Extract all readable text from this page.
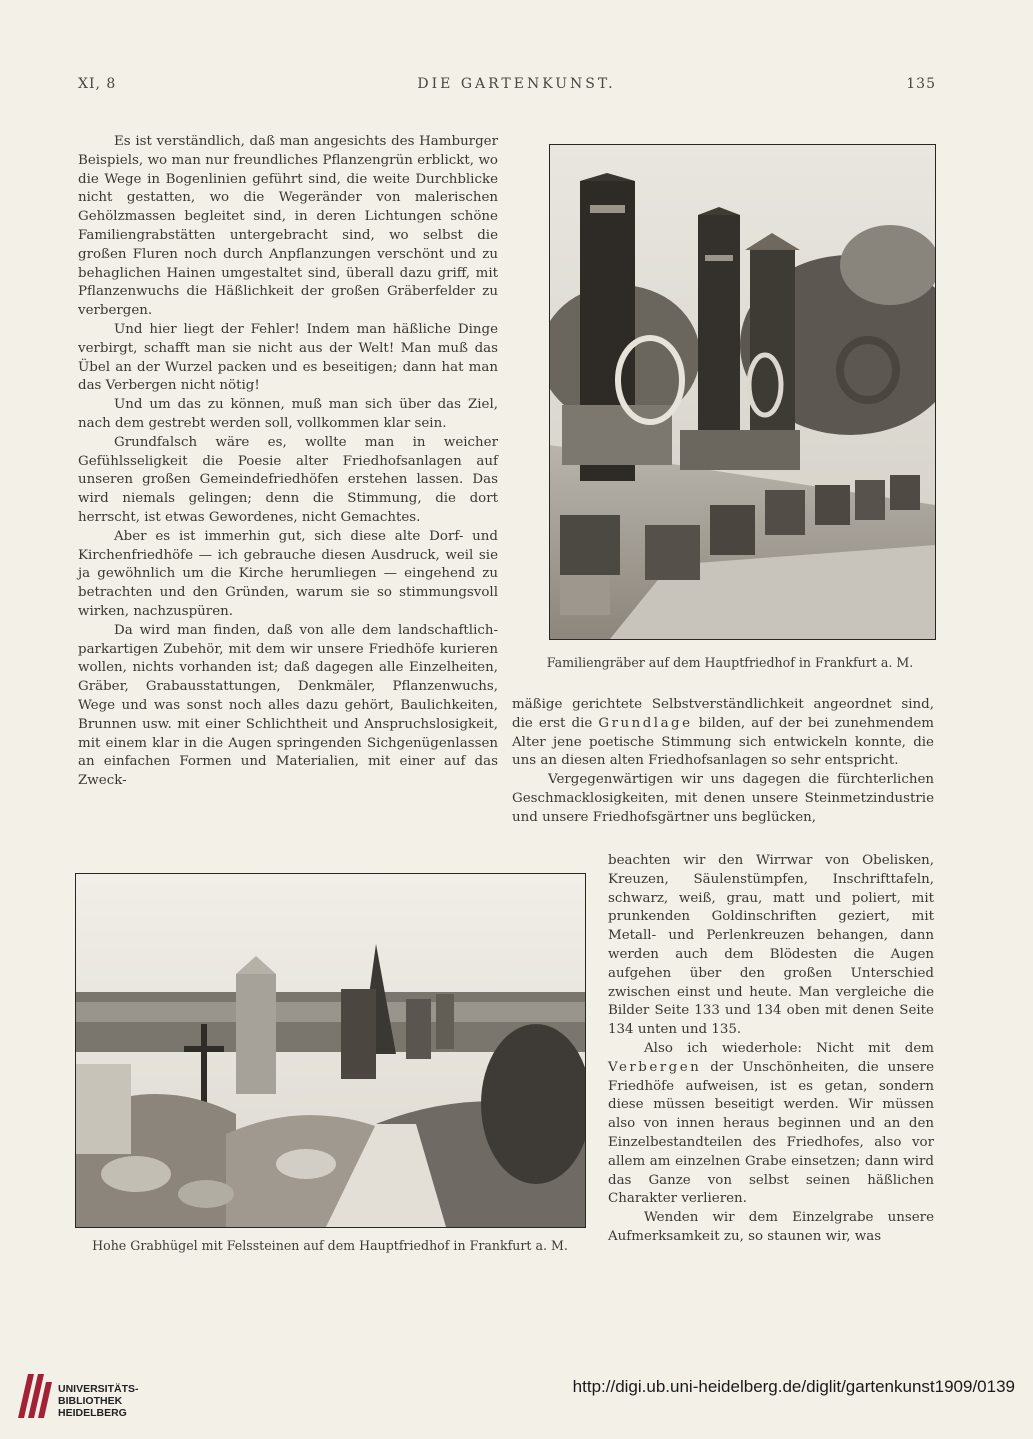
XI, 8	DIE GARTENKUNST.	135

Es ist verständlich, daß man angesichts des Hamburger Beispiels, wo man nur freundliches Pflanzengrün erblickt, wo die Wege in Bogenlinien geführt sind, die weite Durchblicke nicht gestatten, wo die Wegeränder von malerischen Gehölzmassen begleitet sind, in deren Lichtungen schöne Familiengrabstätten untergebracht sind, wo selbst die großen Fluren noch durch Anpflanzungen verschönt und zu behaglichen Hainen umgestaltet sind, überall dazu griff, mit Pflanzenwuchs die Häßlichkeit der großen Gräberfelder zu verbergen.

Und hier liegt der Fehler! Indem man häßliche Dinge verbirgt, schafft man sie nicht aus der Welt! Man muß das Übel an der Wurzel packen und es beseitigen; dann hat man das Verbergen nicht nötig!

Und um das zu können, muß man sich über das Ziel, nach dem gestrebt werden soll, vollkommen klar sein.

Grundfalsch wäre es, wollte man in weicher Gefühlsseligkeit die Poesie alter Friedhofsanlagen auf unseren großen Gemeindefriedhöfen erstehen lassen. Das wird niemals gelingen; denn die Stimmung, die dort herrscht, ist etwas Gewordenes, nicht Gemachtes.

Aber es ist immerhin gut, sich diese alte Dorf- und Kirchenfriedhöfe — ich gebrauche diesen Ausdruck, weil sie ja gewöhnlich um die Kirche herumliegen — eingehend zu betrachten und den Gründen, warum sie so stimmungsvoll wirken, nachzuspüren.

Da wird man finden, daß von alle dem landschaftlich-parkartigen Zubehör, mit dem wir unsere Friedhöfe kurieren wollen, nichts vorhanden ist; daß dagegen alle Einzelheiten, Gräber, Grabausstattungen, Denkmäler, Pflanzenwuchs, Wege und was sonst noch alles dazu gehört, Baulichkeiten, Brunnen usw. mit einer Schlichtheit und Anspruchslosigkeit, mit einem klar in die Augen springenden Sichgenügenlassen an einfachen Formen und Materialien, mit einer auf das Zweck-

Familiengräber auf dem Hauptfriedhof in Frankfurt a. M.

mäßige gerichtete Selbstverständlichkeit angeordnet sind, die erst die Grundlage bilden, auf der bei zunehmendem Alter jene poetische Stimmung sich entwickeln konnte, die uns an diesen alten Friedhofsanlagen so sehr entspricht.

Vergegenwärtigen wir uns dagegen die fürchterlichen Geschmacklosigkeiten, mit denen unsere Steinmetzindustrie und unsere Friedhofsgärtner uns beglücken,

beachten wir den Wirrwar von Obelisken, Kreuzen, Säulenstümpfen, Inschrifttafeln, schwarz, weiß, grau, matt und poliert, mit prunkenden Goldinschriften geziert, mit Metall- und Perlenkreuzen behangen, dann werden auch dem Blödesten die Augen aufgehen über den großen Unterschied zwischen einst und heute. Man vergleiche die Bilder Seite 133 und 134 oben mit denen Seite 134 unten und 135.

Also ich wiederhole: Nicht mit dem Verbergen der Unschönheiten, die unsere Friedhöfe aufweisen, ist es getan, sondern diese müssen beseitigt werden. Wir müssen also von innen heraus beginnen und an den Einzelbestandteilen des Friedhofes, also vor allem am einzelnen Grabe einsetzen; dann wird das Ganze von selbst seinen häßlichen Charakter verlieren.

Wenden wir dem Einzelgrabe unsere Aufmerksamkeit zu, so staunen wir, was

Hohe Grabhügel mit Felssteinen auf dem Hauptfriedhof in Frankfurt a. M.
UNIVERSITÄTS-
BIBLIOTHEK
HEIDELBERG
http://digi.ub.uni-heidelberg.de/diglit/gartenkunst1909/0139
